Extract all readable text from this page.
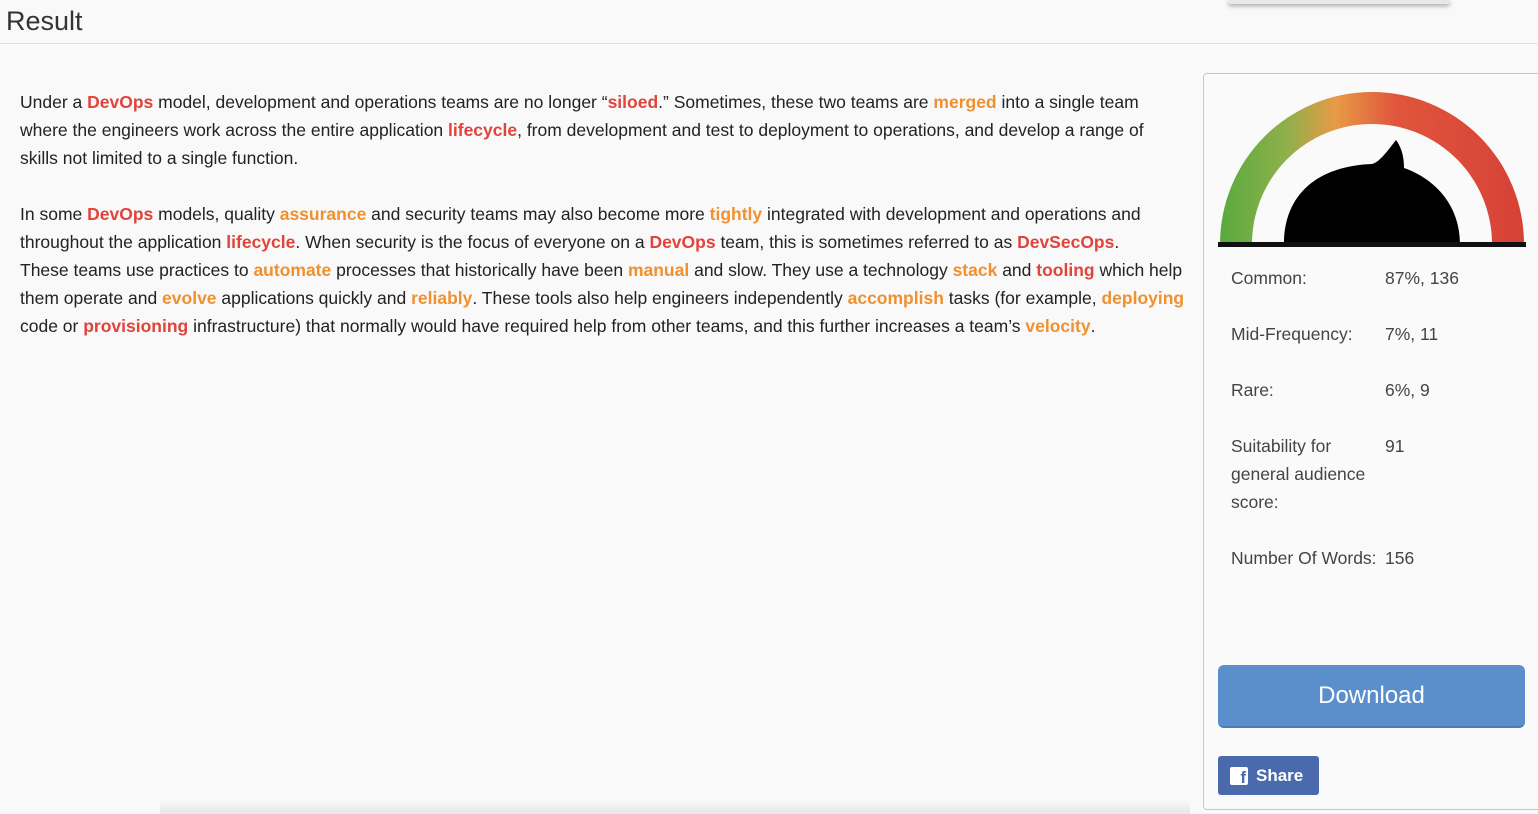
Result

Under a DevOps model, development and operations teams are no longer “siloed.” Sometimes, these two teams are merged into a single team where the engineers work across the entire application lifecycle, from development and test to deployment to operations, and develop a range of skills not limited to a single function.

In some DevOps models, quality assurance and security teams may also become more tightly integrated with development and operations and throughout the application lifecycle. When security is the focus of everyone on a DevOps team, this is sometimes referred to as DevSecOps.

These teams use practices to automate processes that historically have been manual and slow. They use a technology stack and tooling which help them operate and evolve applications quickly and reliably. These tools also help engineers independently accomplish tasks (for example, deploying code or provisioning infrastructure) that normally would have required help from other teams, and this further increases a team’s velocity.

Common:	87%, 136
Mid-Frequency:	7%, 11
Rare:	6%, 9
Suitability for general audience score:
91
Number Of Words: 156
Download
f
Share
